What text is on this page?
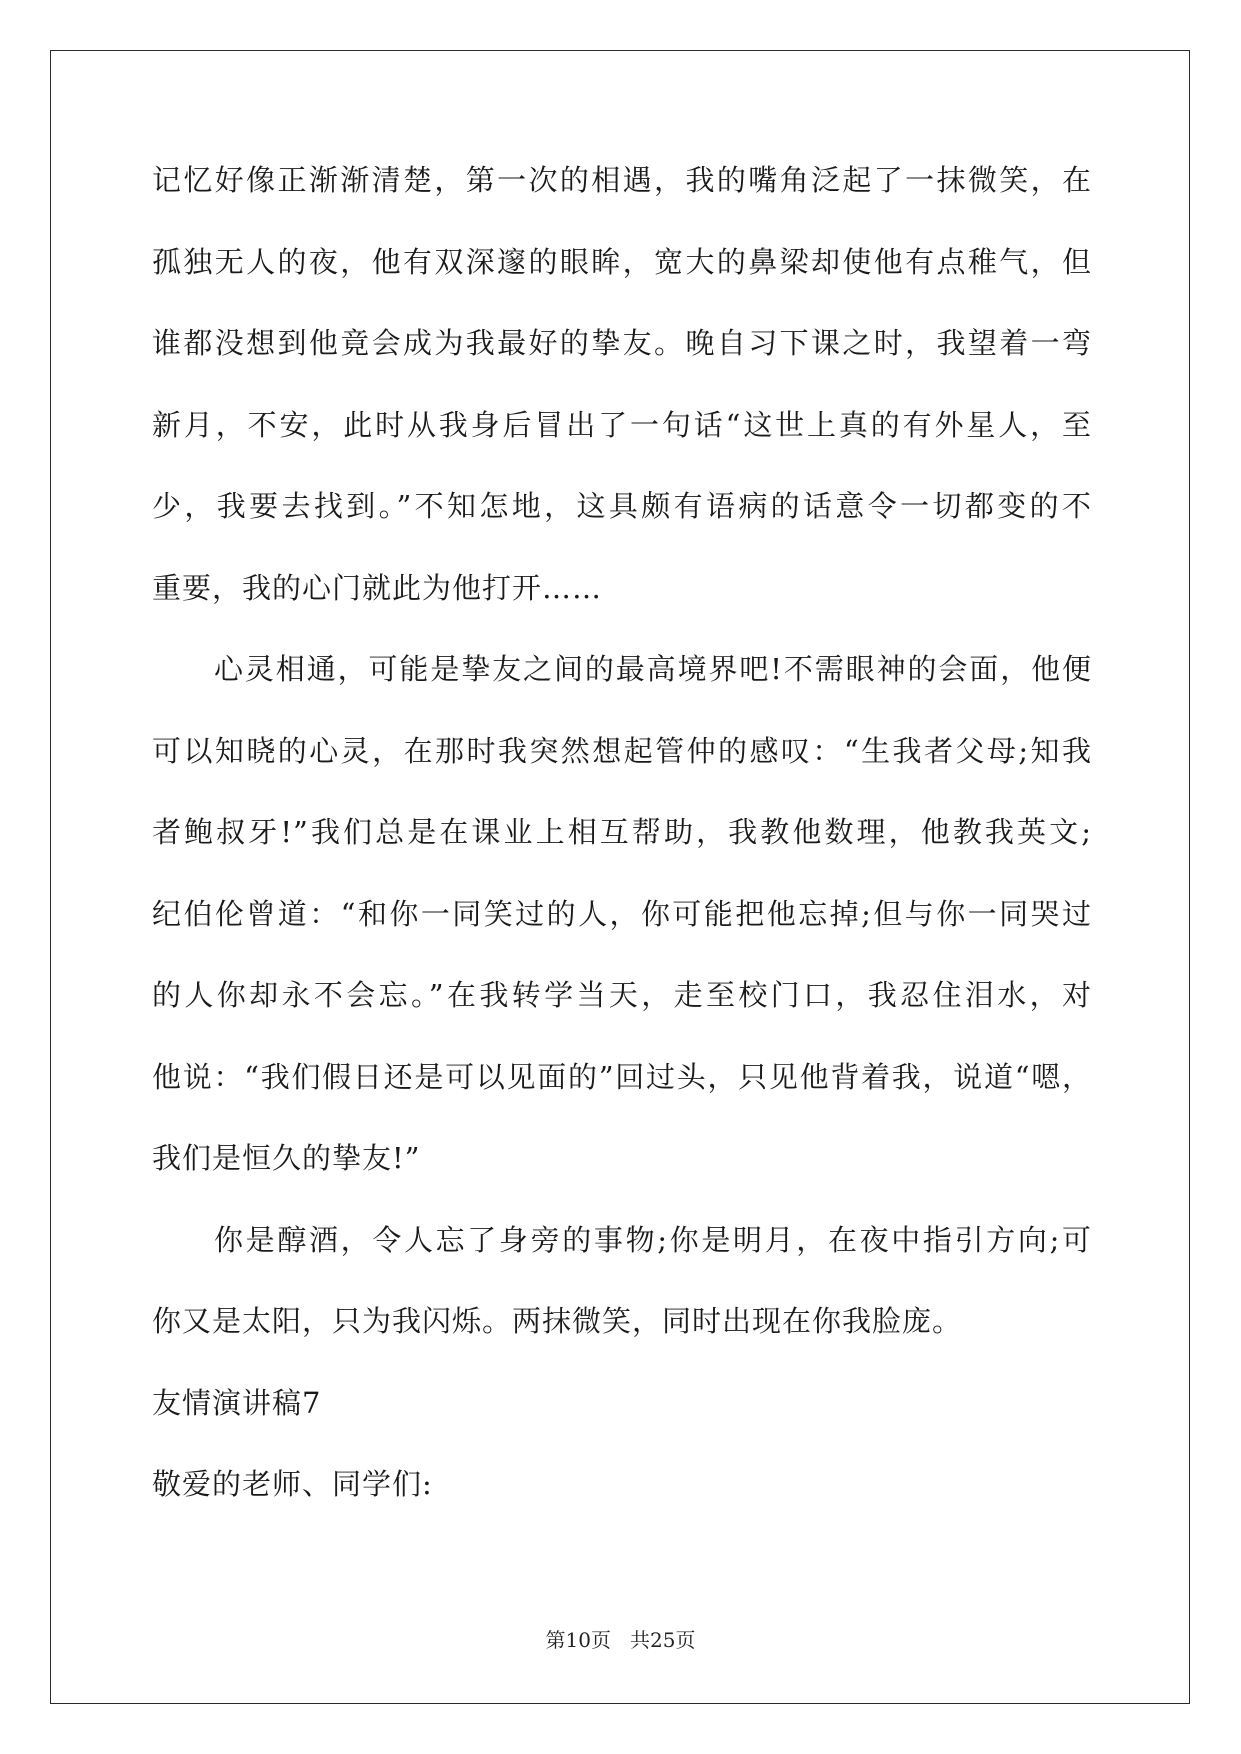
记忆好像正渐渐清楚，第一次的相遇，我的嘴角泛起了一抹微笑，在
孤独无人的夜，他有双深邃的眼眸，宽大的鼻梁却使他有点稚气，但
谁都没想到他竟会成为我最好的挚友。晚自习下课之时，我望着一弯
新月，不安，此时从我身后冒出了一句话“这世上真的有外星人，至
少，我要去找到。”不知怎地，这具颇有语病的话意令一切都变的不
重要，我的心门就此为他打开……
心灵相通，可能是挚友之间的最高境界吧!不需眼神的会面，他便
可以知晓的心灵，在那时我突然想起管仲的感叹：“生我者父母;知我
者鲍叔牙!”我们总是在课业上相互帮助，我教他数理，他教我英文;
纪伯伦曾道：“和你一同笑过的人，你可能把他忘掉;但与你一同哭过
的人你却永不会忘。”在我转学当天，走至校门口，我忍住泪水，对
他说：“我们假日还是可以见面的”回过头，只见他背着我，说道“嗯，
我们是恒久的挚友!”
你是醇酒，令人忘了身旁的事物;你是明月，在夜中指引方向;可
你又是太阳，只为我闪烁。两抹微笑，同时出现在你我脸庞。
友情演讲稿7
敬爱的老师、同学们:
第10页 共25页
